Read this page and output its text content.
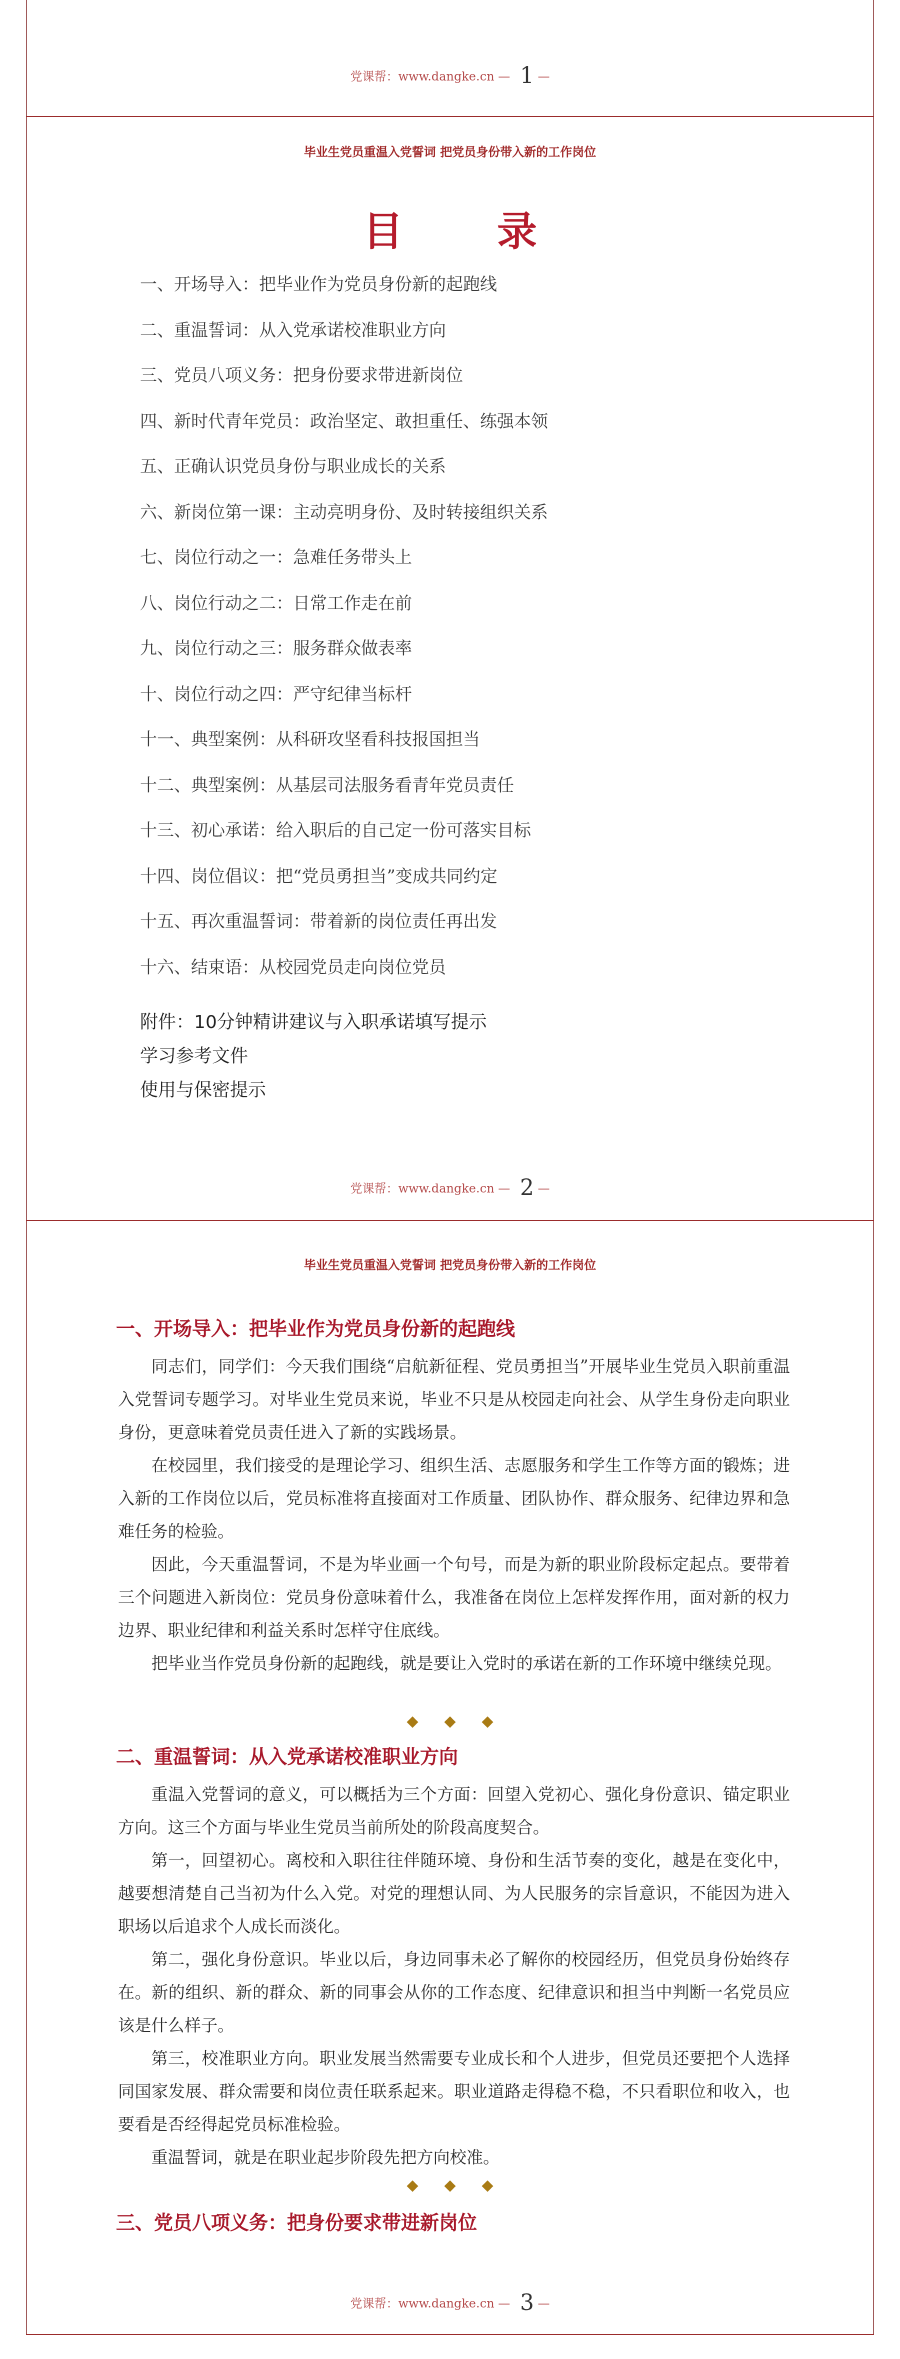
党课帮：www.dangke.cn — 1 —
毕业生党员重温入党誓词 把党员身份带入新的工作岗位
目 录
一、开场导入：把毕业作为党员身份新的起跑线
二、重温誓词：从入党承诺校准职业方向
三、党员八项义务：把身份要求带进新岗位
四、新时代青年党员：政治坚定、敢担重任、练强本领
五、正确认识党员身份与职业成长的关系
六、新岗位第一课：主动亮明身份、及时转接组织关系
七、岗位行动之一：急难任务带头上
八、岗位行动之二：日常工作走在前
九、岗位行动之三：服务群众做表率
十、岗位行动之四：严守纪律当标杆
十一、典型案例：从科研攻坚看科技报国担当
十二、典型案例：从基层司法服务看青年党员责任
十三、初心承诺：给入职后的自己定一份可落实目标
十四、岗位倡议：把“党员勇担当”变成共同约定
十五、再次重温誓词：带着新的岗位责任再出发
十六、结束语：从校园党员走向岗位党员
附件：10分钟精讲建议与入职承诺填写提示
学习参考文件
使用与保密提示
党课帮：www.dangke.cn — 2 —
毕业生党员重温入党誓词 把党员身份带入新的工作岗位
一、开场导入：把毕业作为党员身份新的起跑线

同志们，同学们：今天我们围绕“启航新征程、党员勇担当”开展毕业生党员入职前重温入党誓词专题学习。对毕业生党员来说，毕业不只是从校园走向社会、从学生身份走向职业身份，更意味着党员责任进入了新的实践场景。

在校园里，我们接受的是理论学习、组织生活、志愿服务和学生工作等方面的锻炼；进入新的工作岗位以后，党员标准将直接面对工作质量、团队协作、群众服务、纪律边界和急难任务的检验。

因此，今天重温誓词，不是为毕业画一个句号，而是为新的职业阶段标定起点。要带着三个问题进入新岗位：党员身份意味着什么，我准备在岗位上怎样发挥作用，面对新的权力边界、职业纪律和利益关系时怎样守住底线。

把毕业当作党员身份新的起跑线，就是要让入党时的承诺在新的工作环境中继续兑现。

◆◆◆
二、重温誓词：从入党承诺校准职业方向

重温入党誓词的意义，可以概括为三个方面：回望入党初心、强化身份意识、锚定职业方向。这三个方面与毕业生党员当前所处的阶段高度契合。

第一，回望初心。离校和入职往往伴随环境、身份和生活节奏的变化，越是在变化中，越要想清楚自己当初为什么入党。对党的理想认同、为人民服务的宗旨意识，不能因为进入职场以后追求个人成长而淡化。

第二，强化身份意识。毕业以后，身边同事未必了解你的校园经历，但党员身份始终存在。新的组织、新的群众、新的同事会从你的工作态度、纪律意识和担当中判断一名党员应该是什么样子。

第三，校准职业方向。职业发展当然需要专业成长和个人进步，但党员还要把个人选择同国家发展、群众需要和岗位责任联系起来。职业道路走得稳不稳，不只看职位和收入，也要看是否经得起党员标准检验。

重温誓词，就是在职业起步阶段先把方向校准。

◆◆◆
三、党员八项义务：把身份要求带进新岗位
党课帮：www.dangke.cn — 3 —
